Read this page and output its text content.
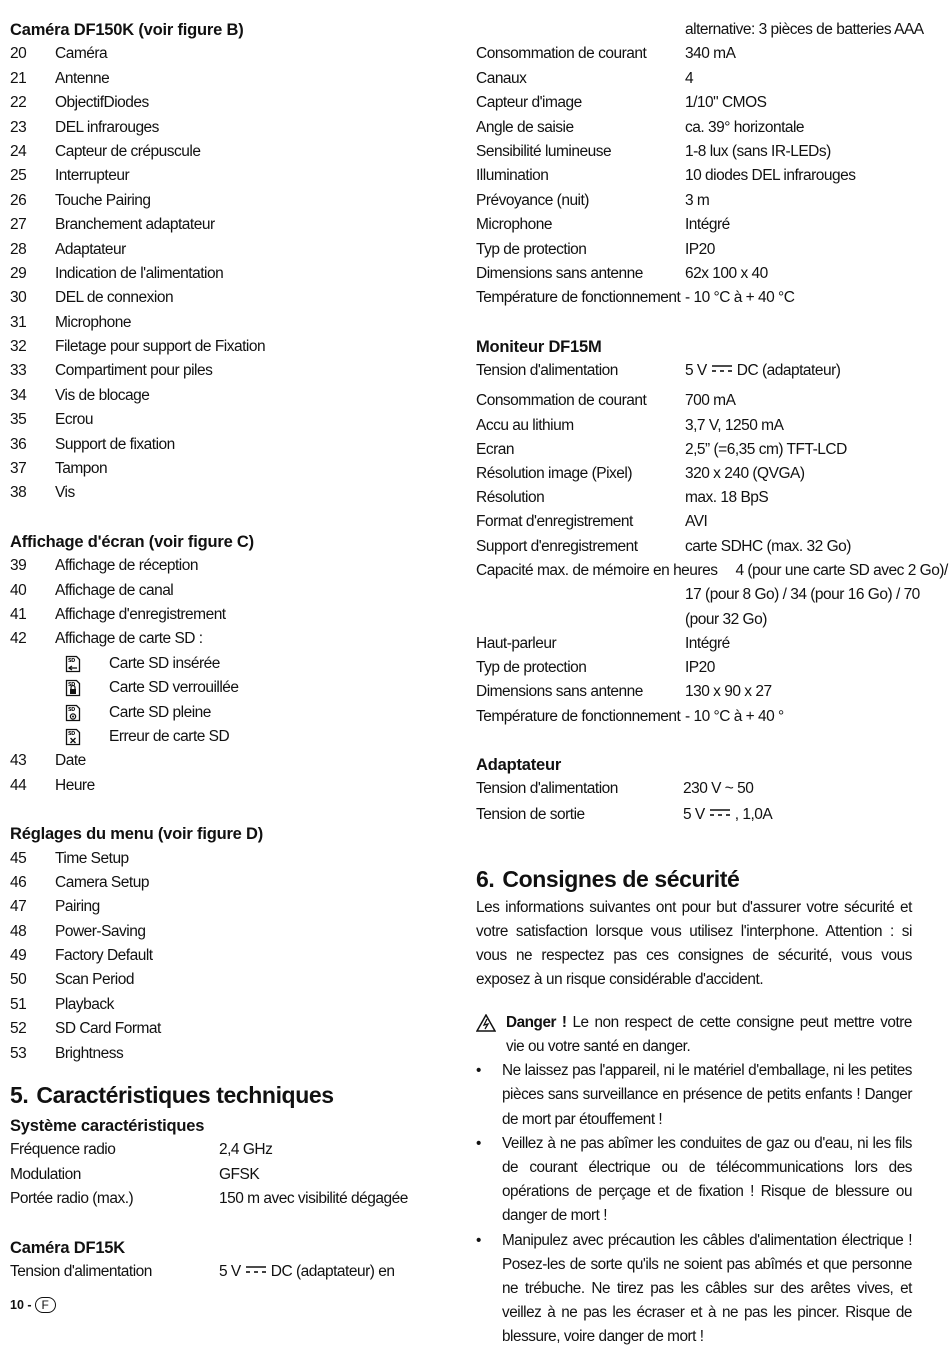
Caméra DF150K (voir figure B)
20	Caméra
21	Antenne
22	ObjectifDiodes
23	DEL infrarouges
24	Capteur de crépuscule
25	Interrupteur
26	Touche Pairing
27	Branchement adaptateur
28	Adaptateur
29	Indication de l'alimentation
30	DEL de connexion
31	Microphone
32	Filetage pour support de Fixation
33	Compartiment pour piles
34	Vis de blocage
35	Ecrou
36	Support de fixation
37	Tampon
38	Vis
Affichage d'écran (voir figure C)
39	Affichage de réception
40	Affichage de canal
41	Affichage d'enregistrement
42	Affichage de carte SD :
SD Carte SD insérée
SD Carte SD verrouillée
SD Carte SD pleine
SD Erreur de carte SD
43	Date
44	Heure
Réglages du menu (voir figure D)
45	Time Setup
46	Camera Setup
47	Pairing
48	Power-Saving
49	Factory Default
50	Scan Period
51	Playback
52	SD Card Format
53	Brightness
5. Caractéristiques techniques
Système caractéristiques
Fréquence radio	2,4 GHz
Modulation	GFSK
Portée radio (max.)	150 m avec visibilité dégagée
Caméra DF15K
Tension d'alimentation	5 V DC (adaptateur) en
alternative: 3 pièces de batteries AAA
Consommation de courant	340 mA
Canaux	4
Capteur d'image	1/10" CMOS
Angle de saisie	ca. 39° horizontale
Sensibilité lumineuse	1-8 lux (sans IR-LEDs)
Illumination	10 diodes DEL infrarouges
Prévoyance (nuit)	3 m
Microphone	Intégré
Typ de protection	IP20
Dimensions sans antenne	62x 100 x 40
Température de fonctionnement - 10 °C à + 40 °C
Moniteur DF15M
Tension d'alimentation	5 V DC (adaptateur)
Consommation de courant	700 mA
Accu au lithium	3,7 V, 1250 mA
Ecran	2,5” (=6,35 cm) TFT-LCD
Résolution image (Pixel)	320 x 240 (QVGA)
Résolution	max. 18 BpS
Format d'enregistrement	AVI
Support d'enregistrement	carte SDHC (max. 32 Go)
Capacité max. de mémoire en heures 4 (pour une carte SD avec 2 Go)/
17 (pour 8 Go) / 34 (pour 16 Go) / 70
(pour 32 Go)
Haut-parleur	Intégré
Typ de protection	IP20
Dimensions sans antenne	130 x 90 x 27
Température de fonctionnement - 10 °C à + 40 °
Adaptateur
Tension d'alimentation	230 V ~ 50
Tension de sortie	5 V , 1,0A
6. Consignes de sécurité
Les informations suivantes ont pour but d'assurer votre sécurité et votre satisfaction lorsque vous utilisez l'interphone. Attention : si vous ne respectez pas ces consignes de sécurité, vous vous exposez à un risque considérable d'accident.
Danger ! Le non respect de cette consigne peut mettre votre vie ou votre santé en danger.
• Ne laissez pas l'appareil, ni le matériel d'emballage, ni les petites pièces sans surveillance en présence de petits enfants ! Danger de mort par étouffement !
• Veillez à ne pas abîmer les conduites de gaz ou d'eau, ni les fils de courant électrique ou de télécommunications lors des opérations de perçage et de fixation ! Risque de blessure ou danger de mort !
• Manipulez avec précaution les câbles d'alimentation électrique ! Posez-les de sorte qu'ils ne soient pas abîmés et que personne ne trébuche. Ne tirez pas les câbles sur des arêtes vives, et veillez à ne pas les écraser et à ne pas les pincer. Risque de blessure, voire danger de mort !
10 - F
